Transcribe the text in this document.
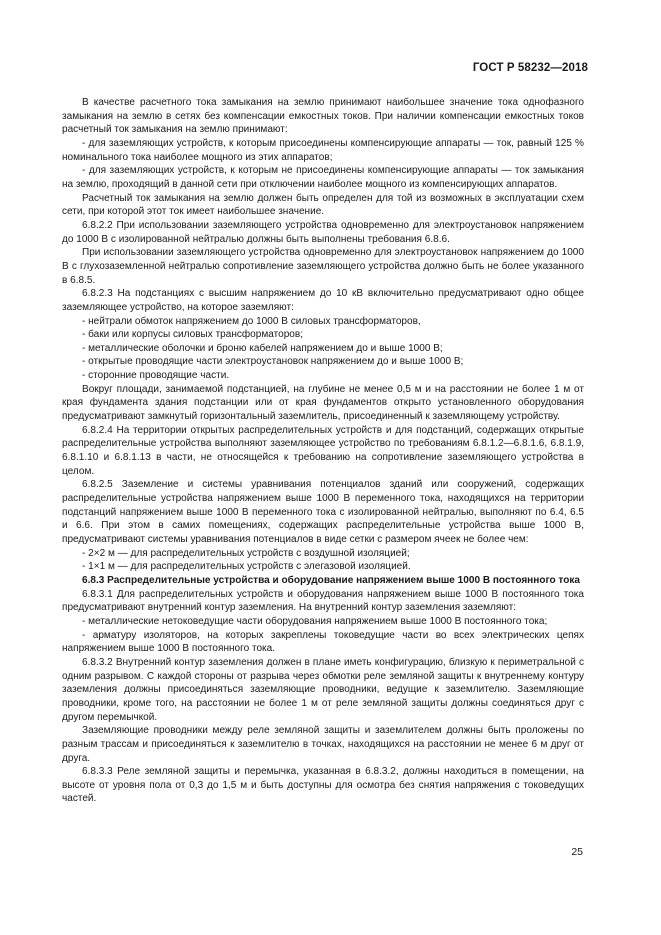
ГОСТ Р 58232—2018

В качестве расчетного тока замыкания на землю принимают наибольшее значение тока однофазного замыкания на землю в сетях без компенсации емкостных токов. При наличии компенсации емкостных токов расчетный ток замыкания на землю принимают:

- для заземляющих устройств, к которым присоединены компенсирующие аппараты — ток, равный 125 % номинального тока наиболее мощного из этих аппаратов;

- для заземляющих устройств, к которым не присоединены компенсирующие аппараты — ток замыкания на землю, проходящий в данной сети при отключении наиболее мощного из компенсирующих аппаратов.

Расчетный ток замыкания на землю должен быть определен для той из возможных в эксплуатации схем сети, при которой этот ток имеет наибольшее значение.

6.8.2.2 При использовании заземляющего устройства одновременно для электроустановок напряжением до 1000 В с изолированной нейтралью должны быть выполнены требования 6.8.6.

При использовании заземляющего устройства одновременно для электроустановок напряжением до 1000 В с глухозаземленной нейтралью сопротивление заземляющего устройства должно быть не более указанного в 6.8.5.

6.8.2.3 На подстанциях с высшим напряжением до 10 кВ включительно предусматривают одно общее заземляющее устройство, на которое заземляют:

- нейтрали обмоток напряжением до 1000 В силовых трансформаторов,

- баки или корпусы силовых трансформаторов;

- металлические оболочки и броню кабелей напряжением до и выше 1000 В;

- открытые проводящие части электроустановок напряжением до и выше 1000 В;

- сторонние проводящие части.

Вокруг площади, занимаемой подстанцией, на глубине не менее 0,5 м и на расстоянии не более 1 м от края фундамента здания подстанции или от края фундаментов открыто установленного оборудования предусматривают замкнутый горизонтальный заземлитель, присоединенный к заземляющему устройству.

6.8.2.4 На территории открытых распределительных устройств и для подстанций, содержащих открытые распределительные устройства выполняют заземляющее устройство по требованиям 6.8.1.2—6.8.1.6, 6.8.1.9, 6.8.1.10 и 6.8.1.13 в части, не относящейся к требованию на сопротивление заземляющего устройства в целом.

6.8.2.5 Заземление и системы уравнивания потенциалов зданий или сооружений, содержащих распределительные устройства напряжением выше 1000 В переменного тока, находящихся на территории подстанций напряжением выше 1000 В переменного тока с изолированной нейтралью, выполняют по 6.4, 6.5 и 6.6. При этом в самих помещениях, содержащих распределительные устройства выше 1000 В, предусматривают системы уравнивания потенциалов в виде сетки с размером ячеек не более чем:

- 2×2 м — для распределительных устройств с воздушной изоляцией;

- 1×1 м — для распределительных устройств с элегазовой изоляцией.

6.8.3 Распределительные устройства и оборудование напряжением выше 1000 В постоянного тока

6.8.3.1 Для распределительных устройств и оборудования напряжением выше 1000 В постоянного тока предусматривают внутренний контур заземления. На внутренний контур заземления заземляют:

- металлические нетоковедущие части оборудования напряжением выше 1000 В постоянного тока;

- арматуру изоляторов, на которых закреплены токоведущие части во всех электрических цепях напряжением выше 1000 В постоянного тока.

6.8.3.2 Внутренний контур заземления должен в плане иметь конфигурацию, близкую к периметральной с одним разрывом. С каждой стороны от разрыва через обмотки реле земляной защиты к внутреннему контуру заземления должны присоединяться заземляющие проводники, ведущие к заземлителю. Заземляющие проводники, кроме того, на расстоянии не более 1 м от реле земляной защиты должны соединяться друг с другом перемычкой.

Заземляющие проводники между реле земляной защиты и заземлителем должны быть проложены по разным трассам и присоединяться к заземлителю в точках, находящихся на расстоянии не менее 6 м друг от друга.

6.8.3.3 Реле земляной защиты и перемычка, указанная в 6.8.3.2, должны находиться в помещении, на высоте от уровня пола от 0,3 до 1,5 м и быть доступны для осмотра без снятия напряжения с токоведущих частей.

25
